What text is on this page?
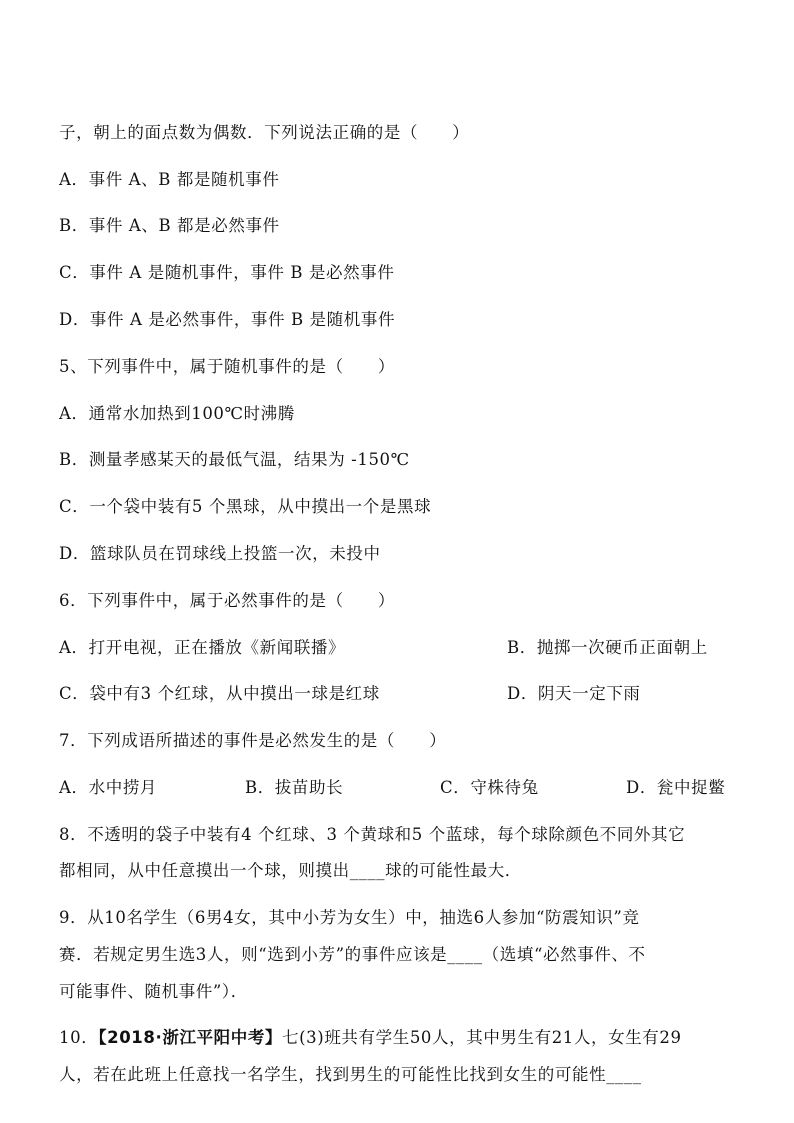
子，朝上的面点数为偶数．下列说法正确的是（　　）
A．事件 A、B 都是随机事件
B．事件 A、B 都是必然事件
C．事件 A 是随机事件，事件 B 是必然事件
D．事件 A 是必然事件，事件 B 是随机事件
5、下列事件中，属于随机事件的是（　　）
A．通常水加热到100℃时沸腾
B．测量孝感某天的最低气温，结果为 -150℃
C．一个袋中装有5 个黑球，从中摸出一个是黑球
D．篮球队员在罚球线上投篮一次，未投中
6．下列事件中，属于必然事件的是（　　）
A．打开电视，正在播放《新闻联播》	B．抛掷一次硬币正面朝上
C．袋中有3 个红球，从中摸出一球是红球	D．阴天一定下雨
7．下列成语所描述的事件是必然发生的是（　　）
A．水中捞月	B．拔苗助长	C．守株待兔	D．瓮中捉鳖
8．不透明的袋子中装有4 个红球、3 个黄球和5 个蓝球，每个球除颜色不同外其它
都相同，从中任意摸出一个球，则摸出____球的可能性最大．
9．从10名学生（6男4女，其中小芳为女生）中，抽选6人参加“防震知识”竞
赛．若规定男生选3人，则“选到小芳”的事件应该是____（选填“必然事件、不
可能事件、随机事件”）．
10．【2018·浙江平阳中考】七(3)班共有学生50人，其中男生有21人，女生有29
人，若在此班上任意找一名学生，找到男生的可能性比找到女生的可能性____
